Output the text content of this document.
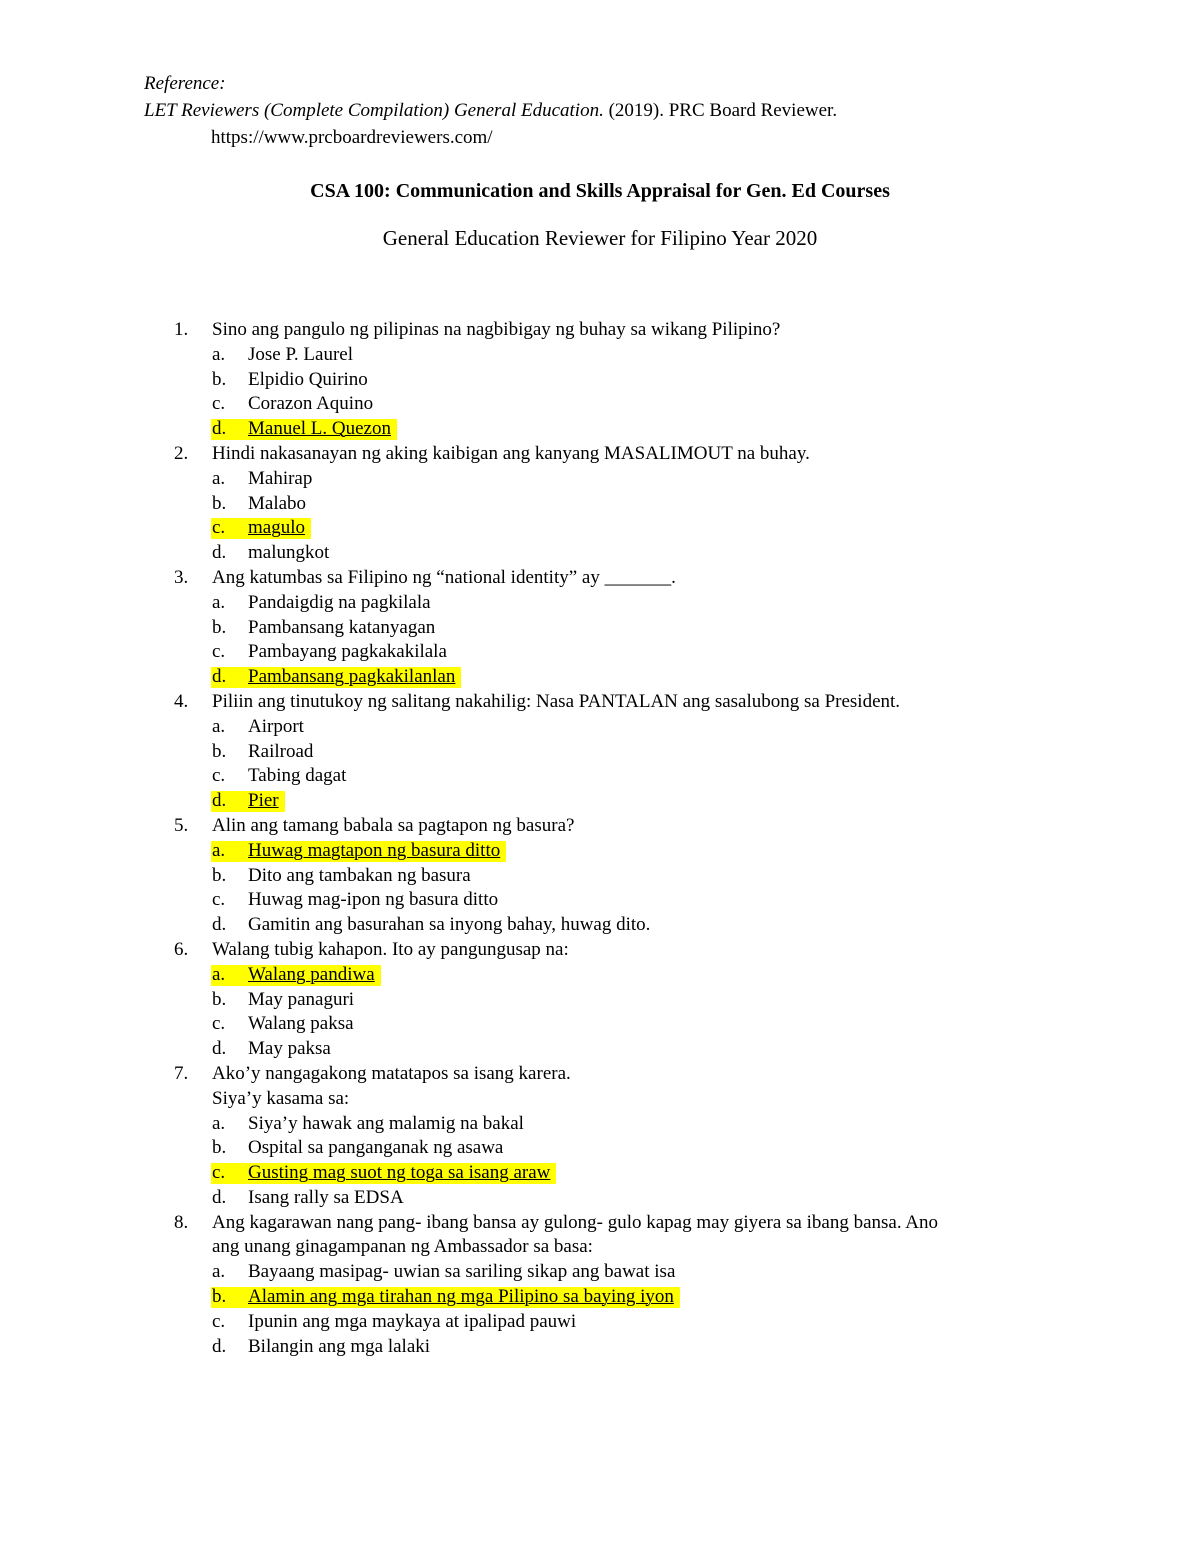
Reference:
LET Reviewers (Complete Compilation) General Education. (2019). PRC Board Reviewer.
https://www.prcboardreviewers.com/
CSA 100: Communication and Skills Appraisal for Gen. Ed Courses
General Education Reviewer for Filipino Year 2020
1. Sino ang pangulo ng pilipinas na nagbibigay ng buhay sa wikang Pilipino?
a. Jose P. Laurel
b. Elpidio Quirino
c. Corazon Aquino
d. Manuel L. Quezon
2. Hindi nakasanayan ng aking kaibigan ang kanyang MASALIMOUT na buhay.
a. Mahirap
b. Malabo
c. magulo
d. malungkot
3. Ang katumbas sa Filipino ng “national identity” ay _______.
a. Pandaigdig na pagkilala
b. Pambansang katanyagan
c. Pambayang pagkakakilala
d. Pambansang pagkakilanlan
4. Piliin ang tinutukoy ng salitang nakahilig: Nasa PANTALAN ang sasalubong sa President.
a. Airport
b. Railroad
c. Tabing dagat
d. Pier
5. Alin ang tamang babala sa pagtapon ng basura?
a. Huwag magtapon ng basura ditto
b. Dito ang tambakan ng basura
c. Huwag mag-ipon ng basura ditto
d. Gamitin ang basurahan sa inyong bahay, huwag dito.
6. Walang tubig kahapon. Ito ay pangungusap na:
a. Walang pandiwa
b. May panaguri
c. Walang paksa
d. May paksa
7. Ako’y nangagakong matatapos sa isang karera.
Siya’y kasama sa:
a. Siya’y hawak ang malamig na bakal
b. Ospital sa panganganak ng asawa
c. Gusting mag suot ng toga sa isang araw
d. Isang rally sa EDSA
8. Ang kagarawan nang pang- ibang bansa ay gulong- gulo kapag may giyera sa ibang bansa. Ano
ang unang ginagampanan ng Ambassador sa basa:
a. Bayaang masipag- uwian sa sariling sikap ang bawat isa
b. Alamin ang mga tirahan ng mga Pilipino sa baying iyon
c. Ipunin ang mga maykaya at ipalipad pauwi
d. Bilangin ang mga lalaki
